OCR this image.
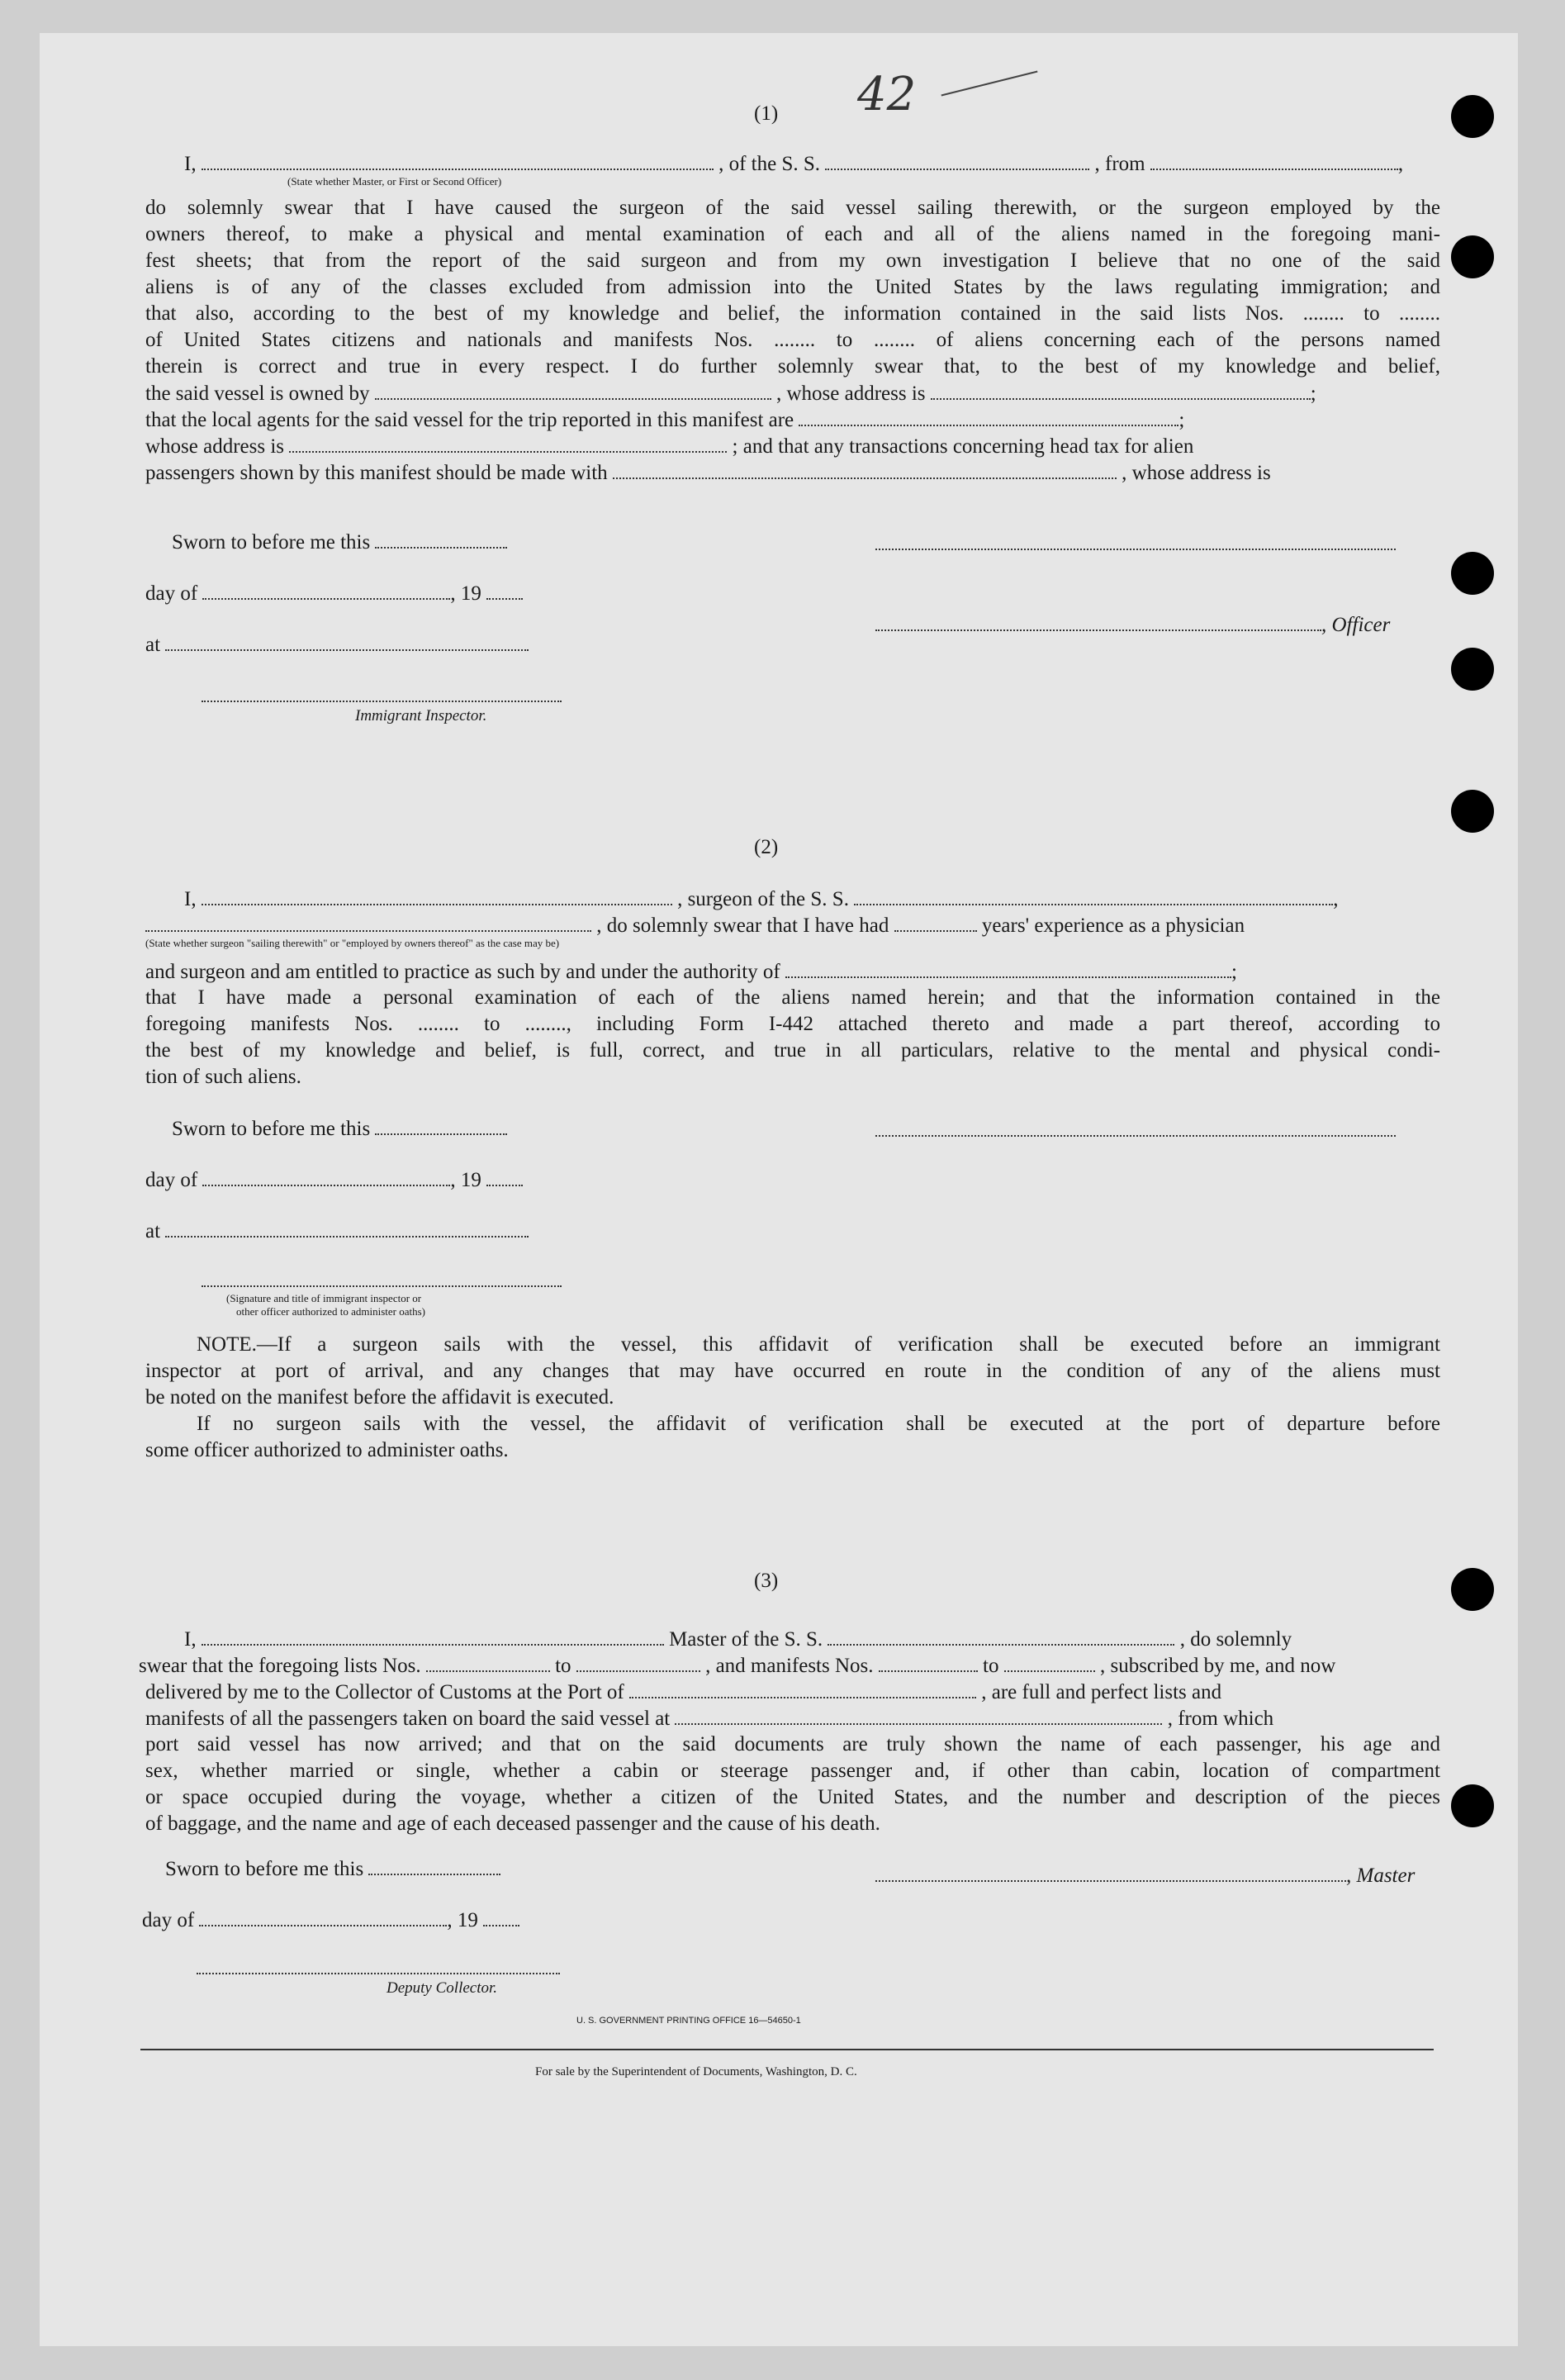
42
(1)
I,	, of the S. S.	, from	,
(State whether Master, or First or Second Officer)
do solemnly swear that I have caused the surgeon of the said vessel sailing therewith, or the surgeon employed by the
owners thereof, to make a physical and mental examination of each and all of the aliens named in the foregoing mani-
fest sheets; that from the report of the said surgeon and from my own investigation I believe that no one of the said
aliens is of any of the classes excluded from admission into the United States by the laws regulating immigration; and
that also, according to the best of my knowledge and belief, the information contained in the said lists Nos. ........ to ........
of United States citizens and nationals and manifests Nos. ........ to ........ of aliens concerning each of the persons named
therein is correct and true in every respect. I do further solemnly swear that, to the best of my knowledge and belief,
the said vessel is owned by	, whose address is	;
that the local agents for the said vessel for the trip reported in this manifest are	;
whose address is	; and that any transactions concerning head tax for alien
passengers shown by this manifest should be made with	, whose address is
Sworn to before me this
day of	, 19
, Officer
at
Immigrant Inspector.
(2)
I,	, surgeon of the S. S.	,
, do solemnly swear that I have had	years' experience as a physician
(State whether surgeon "sailing therewith" or "employed by owners thereof" as the case may be)
and surgeon and am entitled to practice as such by and under the authority of	;
that I have made a personal examination of each of the aliens named herein; and that the information contained in the
foregoing manifests Nos. ........ to ........, including Form I-442 attached thereto and made a part thereof, according to
the best of my knowledge and belief, is full, correct, and true in all particulars, relative to the mental and physical condi-
tion of such aliens.
Sworn to before me this
day of	, 19
at
(Signature and title of immigrant inspector or
other officer authorized to administer oaths)
NOTE.—If a surgeon sails with the vessel, this affidavit of verification shall be executed before an immigrant
inspector at port of arrival, and any changes that may have occurred en route in the condition of any of the aliens must
be noted on the manifest before the affidavit is executed.
If no surgeon sails with the vessel, the affidavit of verification shall be executed at the port of departure before
some officer authorized to administer oaths.
(3)
I,	Master of the S. S.	, do solemnly
swear that the foregoing lists Nos.	to	, and manifests Nos.	to	, subscribed by me, and now
delivered by me to the Collector of Customs at the Port of	, are full and perfect lists and
manifests of all the passengers taken on board the said vessel at	, from which
port said vessel has now arrived; and that on the said documents are truly shown the name of each passenger, his age and
sex, whether married or single, whether a cabin or steerage passenger and, if other than cabin, location of compartment
or space occupied during the voyage, whether a citizen of the United States, and the number and description of the pieces
of baggage, and the name and age of each deceased passenger and the cause of his death.
Sworn to before me this	, Master
day of	, 19
Deputy Collector.
U. S. GOVERNMENT PRINTING OFFICE 16—54650-1
For sale by the Superintendent of Documents, Washington, D. C.
